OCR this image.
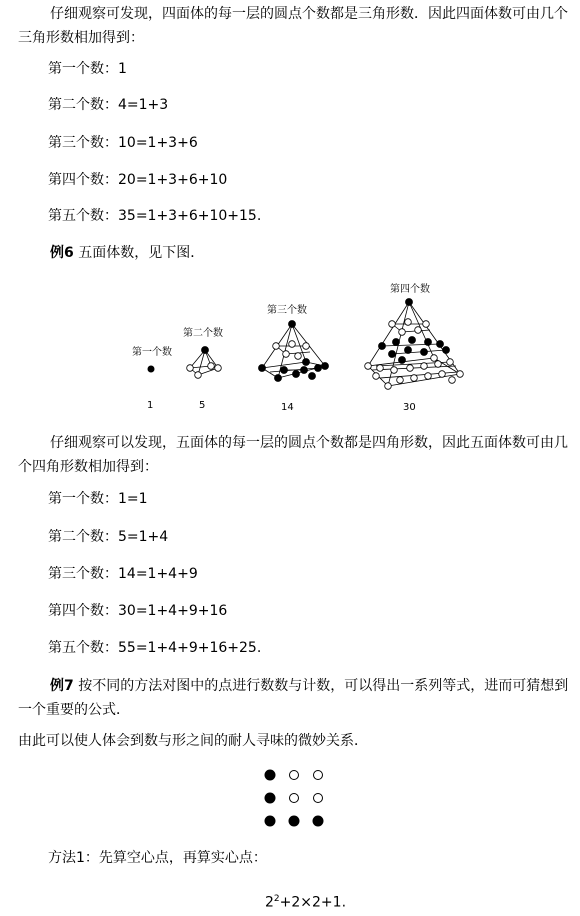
仔细观察可发现，四面体的每一层的圆点个数都是三角形数．因此四面体数可由几个三角形数相加得到：
第一个数：1
第二个数：4=1+3
第三个数：10=1+3+6
第四个数：20=1+3+6+10
第五个数：35=1+3+6+10+15.
例6 五面体数，见下图．
第一个数
第二个数
第三个数
第四个数
1	5	14	30
仔细观察可以发现，五面体的每一层的圆点个数都是四角形数，因此五面体数可由几个四角形数相加得到：
第一个数：1=1
第二个数：5=1+4
第三个数：14=1+4+9
第四个数：30=1+4+9+16
第五个数：55=1+4+9+16+25.
例7 按不同的方法对图中的点进行数数与计数，可以得出一系列等式，进而可猜想到一个重要的公式．
由此可以使人体会到数与形之间的耐人寻味的微妙关系．
方法1：先算空心点，再算实心点：
$2^2+2\times 2+1$.
